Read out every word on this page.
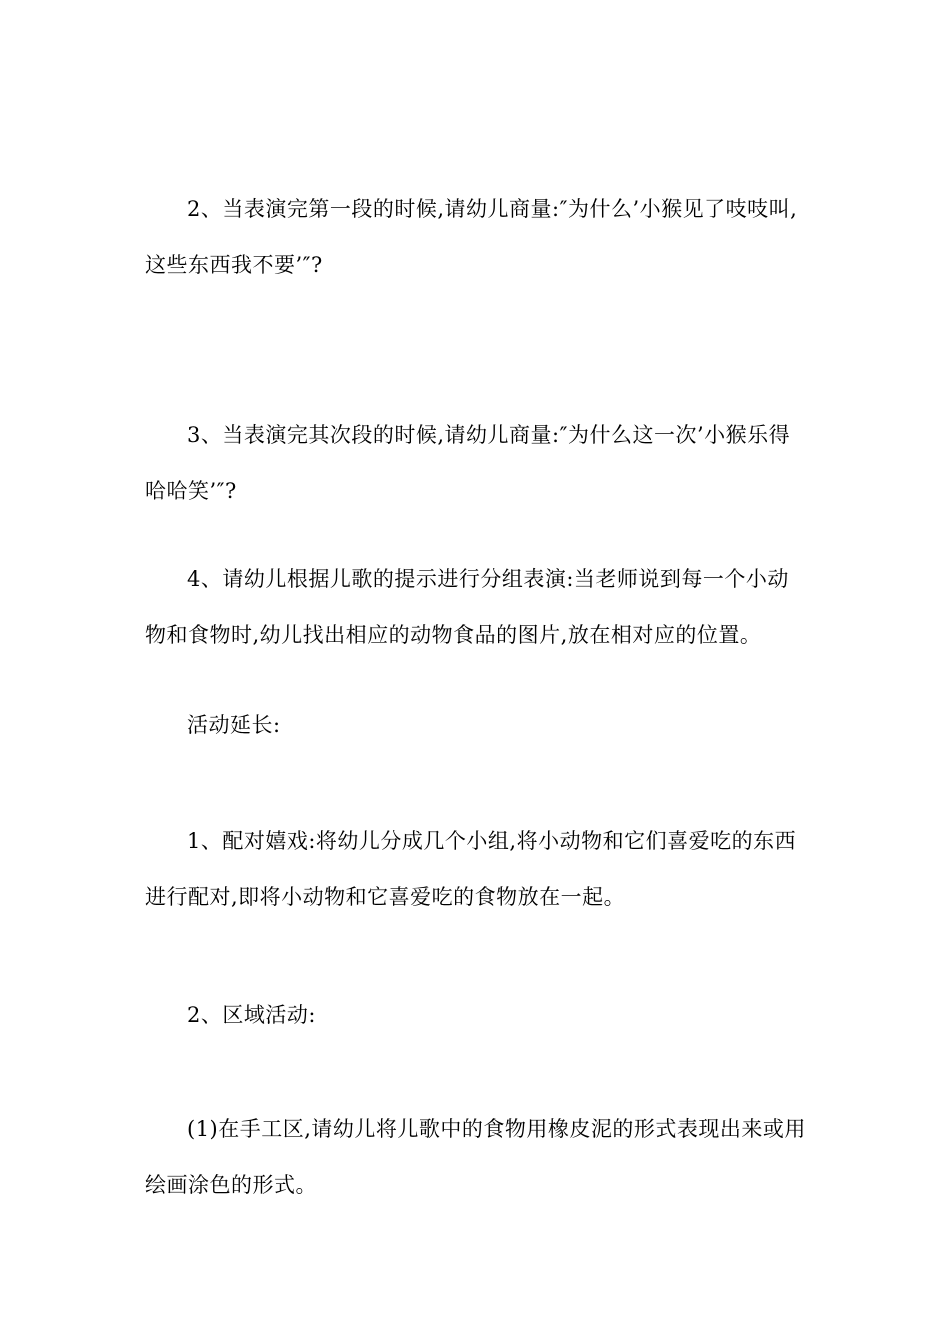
2、当表演完第一段的时候,请幼儿商量:″为什么’小猴见了吱吱叫,这些东西我不要’″?

3、当表演完其次段的时候,请幼儿商量:″为什么这一次’小猴乐得哈哈笑’″?

4、请幼儿根据儿歌的提示进行分组表演:当老师说到每一个小动物和食物时,幼儿找出相应的动物食品的图片,放在相对应的位置。

活动延长:

1、配对嬉戏:将幼儿分成几个小组,将小动物和它们喜爱吃的东西进行配对,即将小动物和它喜爱吃的食物放在一起。

2、区域活动:

(1)在手工区,请幼儿将儿歌中的食物用橡皮泥的形式表现出来或用绘画涂色的形式。
